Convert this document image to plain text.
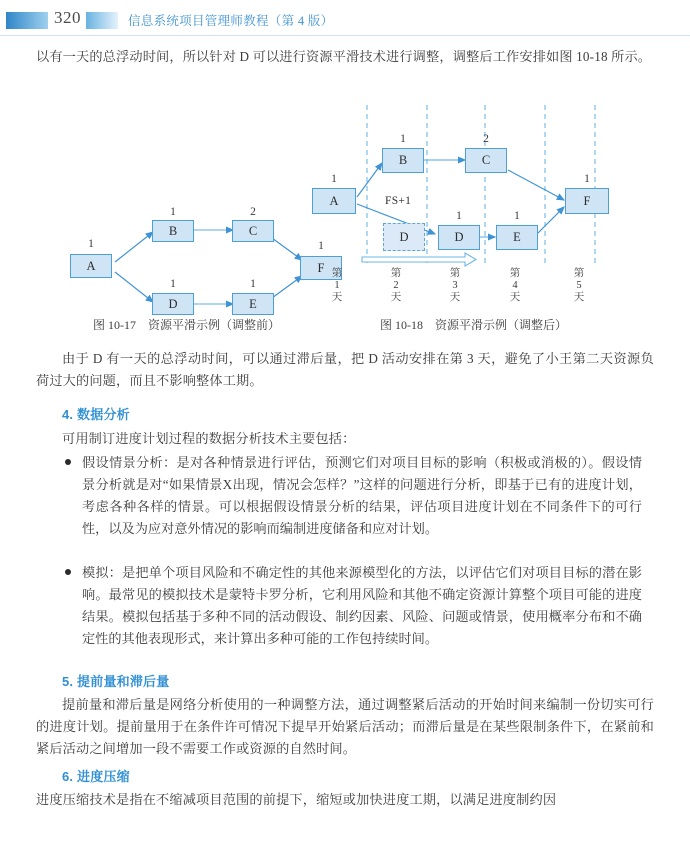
320	信息系统项目管理师教程（第 4 版）
以有一天的总浮动时间，所以针对 D 可以进行资源平滑技术进行调整，调整后工作安排如图 10-18 所示。
1
A
1
B
2
C
1
D
1
E
1
F
图 10-17　资源平滑示例（调整前）
1
A
1
B
2
C
D
1
D
1
E
1
F
FS+1
第
1
天
第
2
天
第
3
天
第
4
天
第
5
天
图 10-18　资源平滑示例（调整后）
由于 D 有一天的总浮动时间，可以通过滞后量，把 D 活动安排在第 3 天，避免了小王第二天资源负荷过大的问题，而且不影响整体工期。
4. 数据分析
可用制订进度计划过程的数据分析技术主要包括：
假设情景分析：是对各种情景进行评估，预测它们对项目目标的影响（积极或消极的）。假设情景分析就是对“如果情景X出现，情况会怎样？”这样的问题进行分析，即基于已有的进度计划，考虑各种各样的情景。可以根据假设情景分析的结果，评估项目进度计划在不同条件下的可行性，以及为应对意外情况的影响而编制进度储备和应对计划。
模拟：是把单个项目风险和不确定性的其他来源模型化的方法，以评估它们对项目目标的潜在影响。最常见的模拟技术是蒙特卡罗分析，它利用风险和其他不确定资源计算整个项目可能的进度结果。模拟包括基于多种不同的活动假设、制约因素、风险、问题或情景，使用概率分布和不确定性的其他表现形式，来计算出多种可能的工作包持续时间。
5. 提前量和滞后量
提前量和滞后量是网络分析使用的一种调整方法，通过调整紧后活动的开始时间来编制一份切实可行的进度计划。提前量用于在条件许可情况下提早开始紧后活动；而滞后量是在某些限制条件下，在紧前和紧后活动之间增加一段不需要工作或资源的自然时间。
6. 进度压缩
进度压缩技术是指在不缩减项目范围的前提下，缩短或加快进度工期，以满足进度制约因
